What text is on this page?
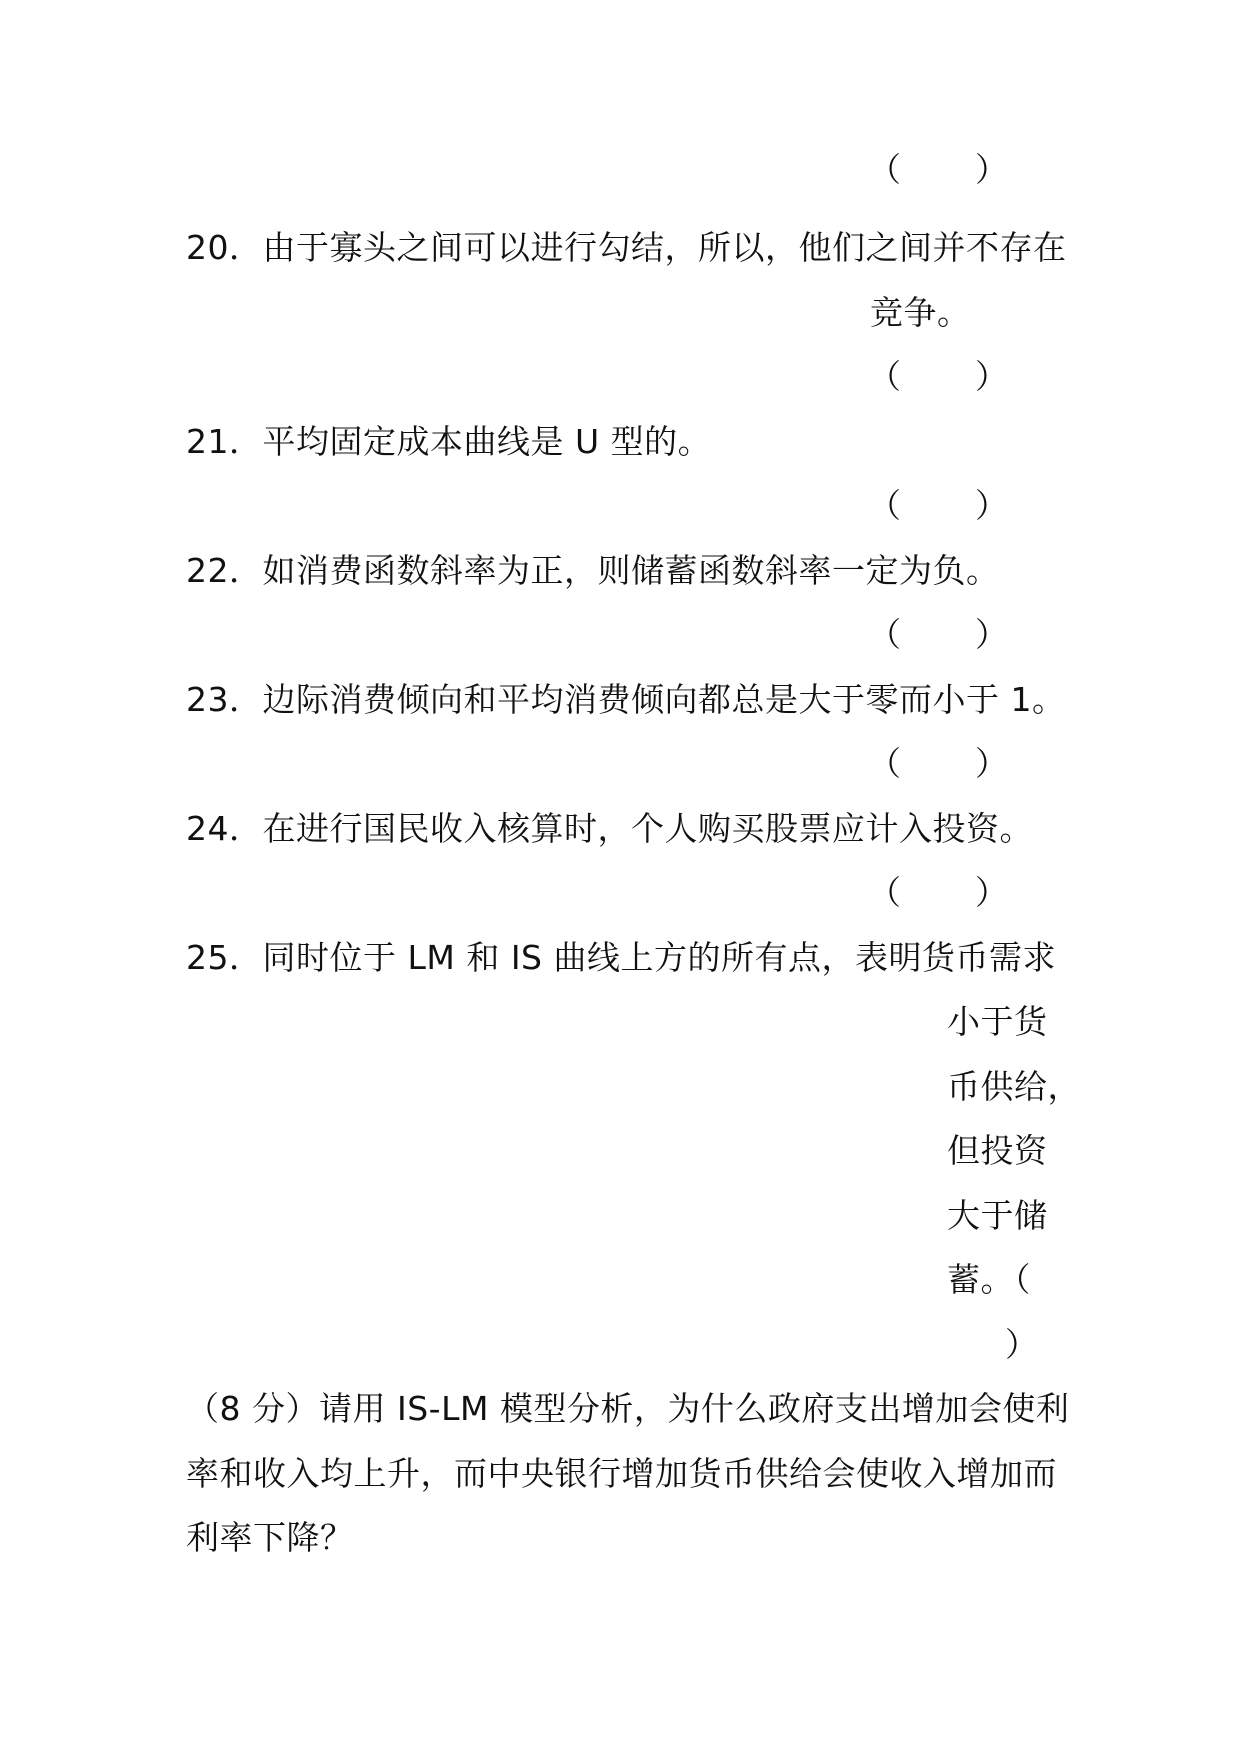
（ ）
20．由于寡头之间可以进行勾结，所以，他们之间并不存在
竞争。
（ ）
21．平均固定成本曲线是 U 型的。
（ ）
22．如消费函数斜率为正，则储蓄函数斜率一定为负。
（ ）
23．边际消费倾向和平均消费倾向都总是大于零而小于 1。
（ ）
24．在进行国民收入核算时，个人购买股票应计入投资。
（ ）
25．同时位于 LM 和 IS 曲线上方的所有点，表明货币需求
小于货
币供给，
但投资
大于储
蓄。（
）
（8 分）请用 IS-LM 模型分析，为什么政府支出增加会使利
率和收入均上升，而中央银行增加货币供给会使收入增加而
利率下降？
